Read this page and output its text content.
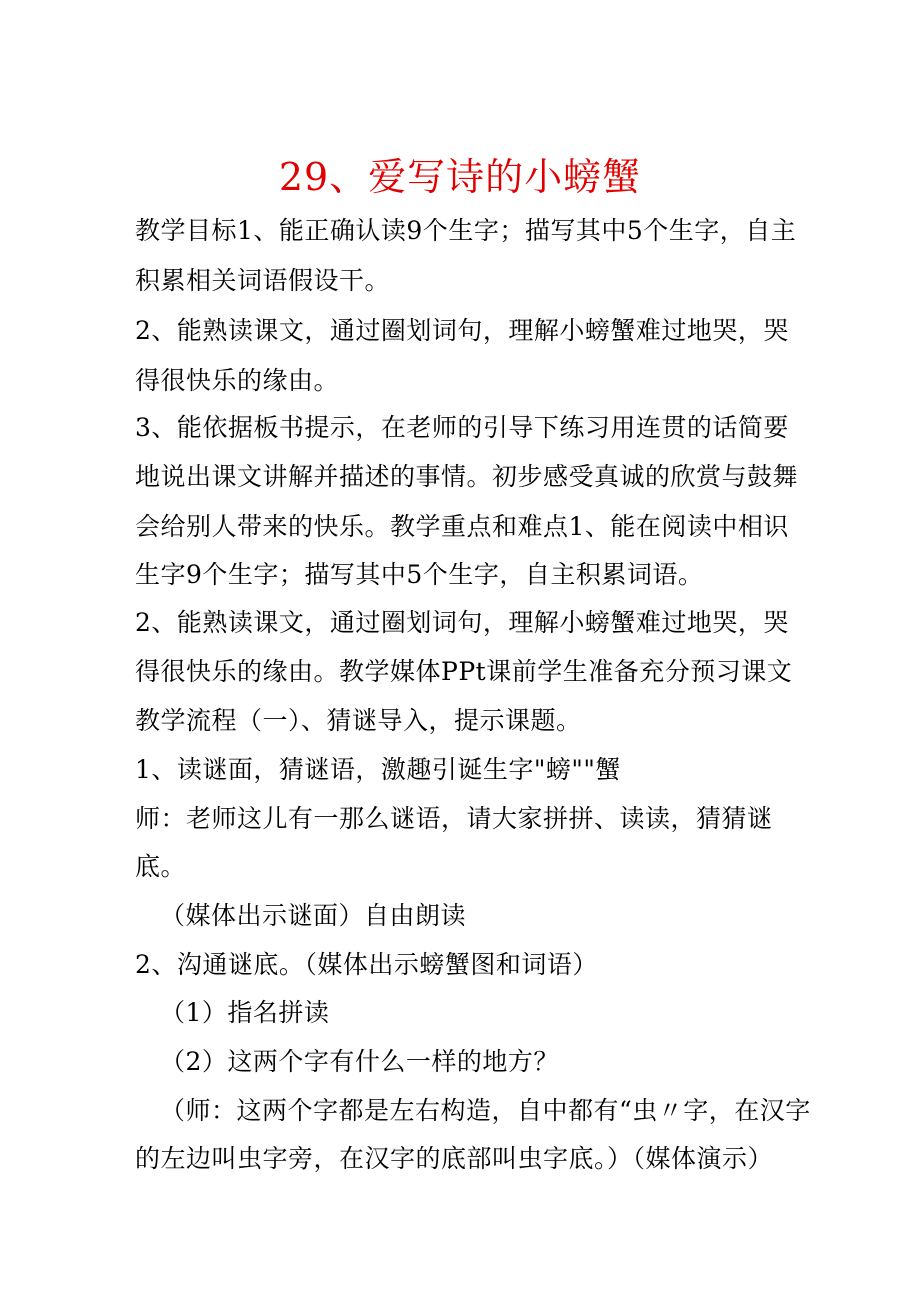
29、爱写诗的小螃蟹
教学目标1、能正确认读9个生字；描写其中5个生字，自主
积累相关词语假设干。
2、能熟读课文，通过圈划词句，理解小螃蟹难过地哭，哭
得很快乐的缘由。
3、能依据板书提示，在老师的引导下练习用连贯的话简要
地说出课文讲解并描述的事情。初步感受真诚的欣赏与鼓舞
会给别人带来的快乐。教学重点和难点1、能在阅读中相识
生字9个生字；描写其中5个生字，自主积累词语。
2、能熟读课文，通过圈划词句，理解小螃蟹难过地哭，哭
得很快乐的缘由。教学媒体PPt课前学生准备充分预习课文
教学流程（一）、猜谜导入，提示课题。
1、读谜面，猜谜语，激趣引诞生字"螃""蟹
师：老师这儿有一那么谜语，请大家拼拼、读读，猜猜谜
底。
（媒体出示谜面）自由朗读
2、沟通谜底。（媒体出示螃蟹图和词语）
（1）指名拼读
（2）这两个字有什么一样的地方？
（师：这两个字都是左右构造，自中都有“虫〃字，在汉字
的左边叫虫字旁，在汉字的底部叫虫字底。）（媒体演示）
